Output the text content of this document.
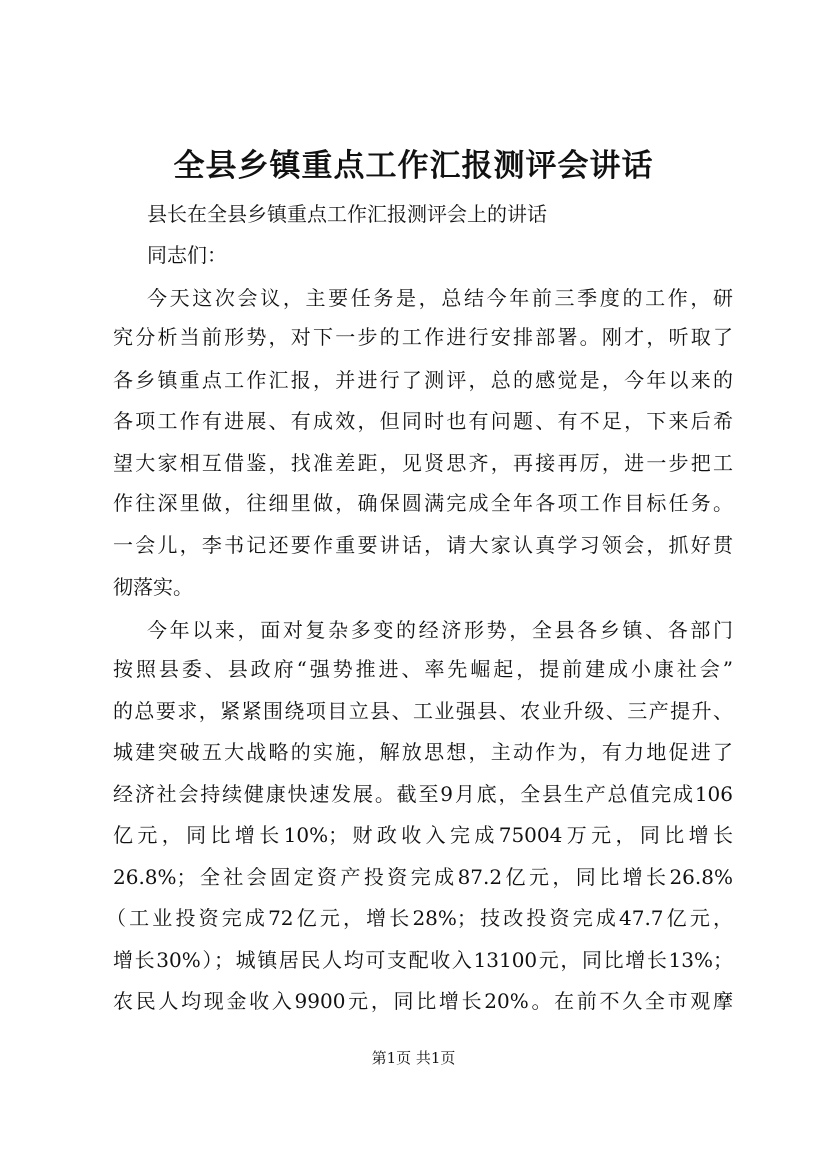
全县乡镇重点工作汇报测评会讲话
县长在全县乡镇重点工作汇报测评会上的讲话
同志们：
今天这次会议，主要任务是，总结今年前三季度的工作，研
究分析当前形势，对下一步的工作进行安排部署。刚才，听取了
各乡镇重点工作汇报，并进行了测评，总的感觉是，今年以来的
各项工作有进展、有成效，但同时也有问题、有不足，下来后希
望大家相互借鉴，找准差距，见贤思齐，再接再厉，进一步把工
作往深里做，往细里做，确保圆满完成全年各项工作目标任务。
一会儿，李书记还要作重要讲话，请大家认真学习领会，抓好贯
彻落实。
今年以来，面对复杂多变的经济形势，全县各乡镇、各部门
按照县委、县政府“强势推进、率先崛起，提前建成小康社会”
的总要求，紧紧围绕项目立县、工业强县、农业升级、三产提升、
城建突破五大战略的实施，解放思想，主动作为，有力地促进了
经济社会持续健康快速发展。截至9月底，全县生产总值完成106
亿元，同比增长10%；财政收入完成75004万元，同比增长
26.8%；全社会固定资产投资完成87.2亿元，同比增长26.8%
（工业投资完成72亿元，增长28%；技改投资完成47.7亿元，
增长30%）；城镇居民人均可支配收入13100元，同比增长13%；
农民人均现金收入9900元，同比增长20%。在前不久全市观摩
第1页 共1页
